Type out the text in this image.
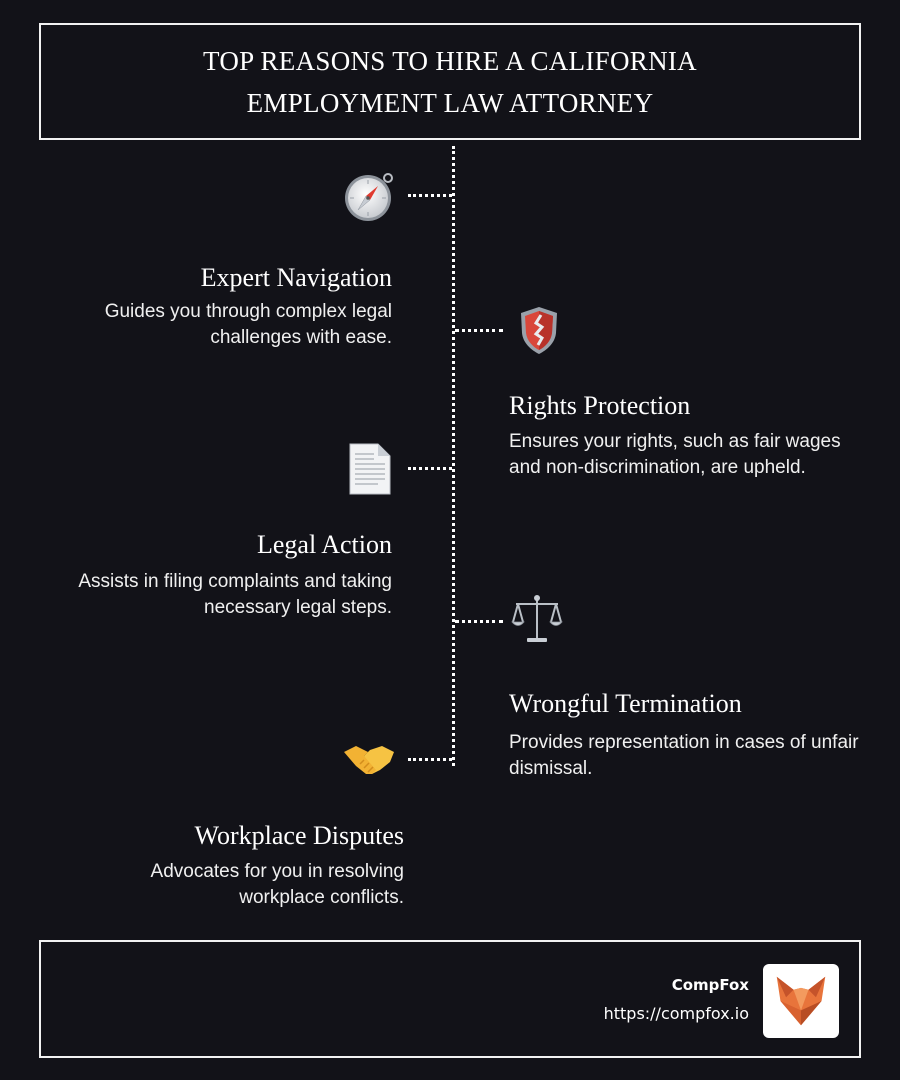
TOP REASONS TO HIRE A CALIFORNIA EMPLOYMENT LAW ATTORNEY
Expert Navigation

Guides you through complex legal challenges with ease.

Rights Protection

Ensures your rights, such as fair wages and non-discrimination, are upheld.

Legal Action

Assists in filing complaints and taking necessary legal steps.

Wrongful Termination

Provides representation in cases of unfair dismissal.

Workplace Disputes

Advocates for you in resolving workplace conflicts.

CompFox
https://compfox.io
